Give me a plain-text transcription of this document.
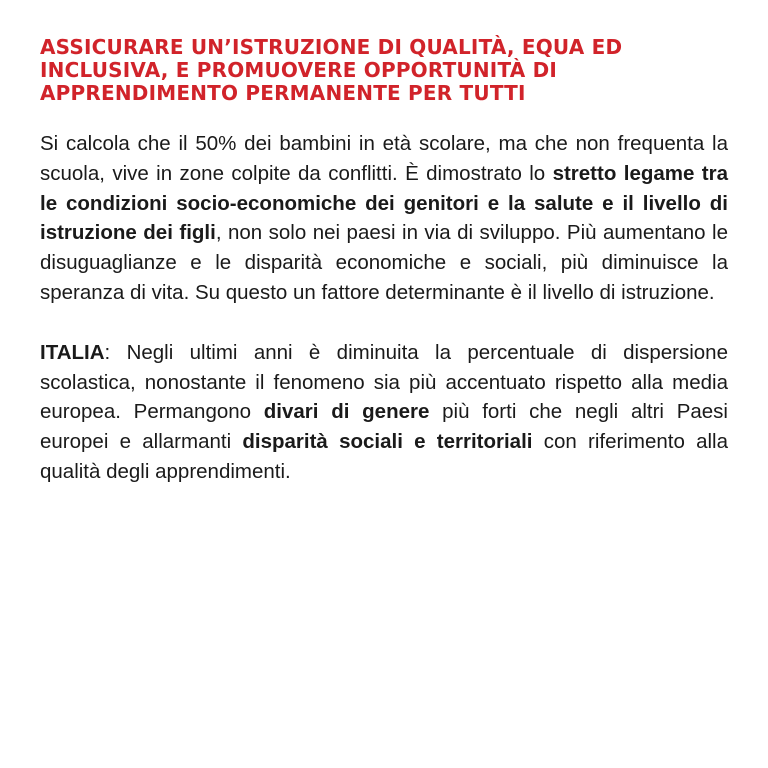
ASSICURARE UN’ISTRUZIONE DI QUALITÀ, EQUA ED INCLUSIVA, E PROMUOVERE OPPORTUNITÀ DI APPRENDIMENTO PERMANENTE PER TUTTI

Si calcola che il 50% dei bambini in età scolare, ma che non frequenta la scuola, vive in zone colpite da conflitti. È dimostrato lo stretto legame tra le condizioni socio-economiche dei genitori e la salute e il livello di istruzione dei figli, non solo nei paesi in via di sviluppo. Più aumentano le disuguaglianze e le disparità economiche e sociali, più diminuisce la speranza di vita. Su questo un fattore determinante è il livello di istruzione.

ITALIA: Negli ultimi anni è diminuita la percentuale di dispersione scolastica, nonostante il fenomeno sia più accentuato rispetto alla media europea. Permangono divari di genere più forti che negli altri Paesi europei e allarmanti disparità sociali e territoriali con riferimento alla qualità degli apprendimenti.
